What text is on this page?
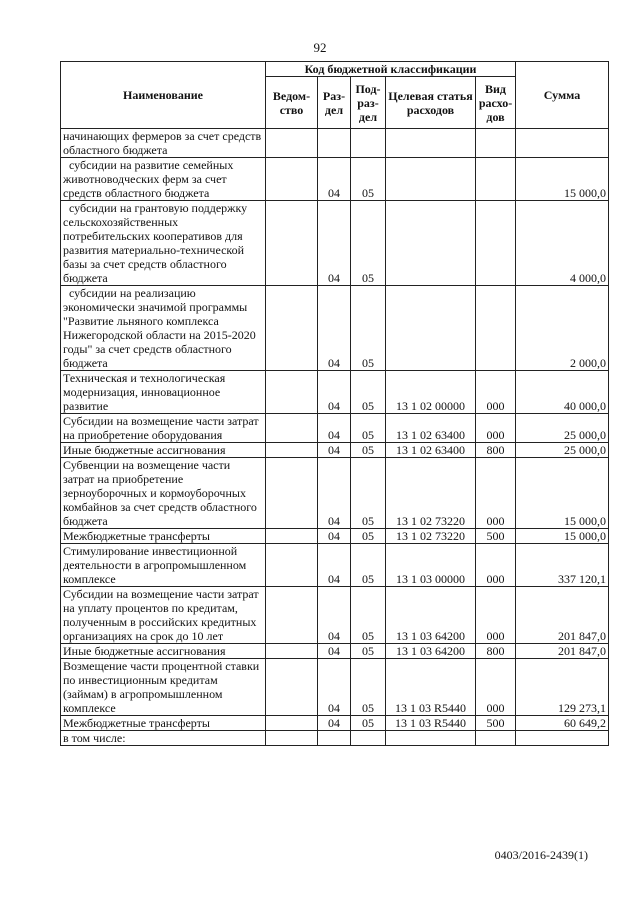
92
Наименование	Код бюджетной классификации					Сумма
	Ведом-ство	Раз-дел	Под-раз-дел	Целевая статья расходов	Вид расхо-дов	
начинающих фермеров за счет средств областного бюджета						
субсидии на развитие семейных животноводческих ферм за счет средств областного бюджета		04	05			15 000,0
субсидии на грантовую поддержку сельскохозяйственных потребительских кооперативов для развития материально-технической базы за счет средств областного бюджета		04	05			4 000,0
субсидии на реализацию экономически значимой программы "Развитие льняного комплекса Нижегородской области на 2015-2020 годы" за счет средств областного бюджета		04	05			2 000,0
Техническая и технологическая модернизация, инновационное развитие		04	05	13 1 02 00000	000	40 000,0
Субсидии на возмещение части затрат на приобретение оборудования		04	05	13 1 02 63400	000	25 000,0
Иные бюджетные ассигнования		04	05	13 1 02 63400	800	25 000,0
Субвенции на возмещение части затрат на приобретение зерноуборочных и кормоуборочных комбайнов за счет средств областного бюджета		04	05	13 1 02 73220	000	15 000,0
Межбюджетные трансферты		04	05	13 1 02 73220	500	15 000,0
Стимулирование инвестиционной деятельности в агропромышленном комплексе		04	05	13 1 03 00000	000	337 120,1
Субсидии на возмещение части затрат на уплату процентов по кредитам, полученным в российских кредитных организациях на срок до 10 лет		04	05	13 1 03 64200	000	201 847,0
Иные бюджетные ассигнования		04	05	13 1 03 64200	800	201 847,0
Возмещение части процентной ставки по инвестиционным кредитам (займам) в агропромышленном комплексе		04	05	13 1 03 R5440	000	129 273,1
Межбюджетные трансферты		04	05	13 1 03 R5440	500	60 649,2
в том числе:						
0403/2016-2439(1)
